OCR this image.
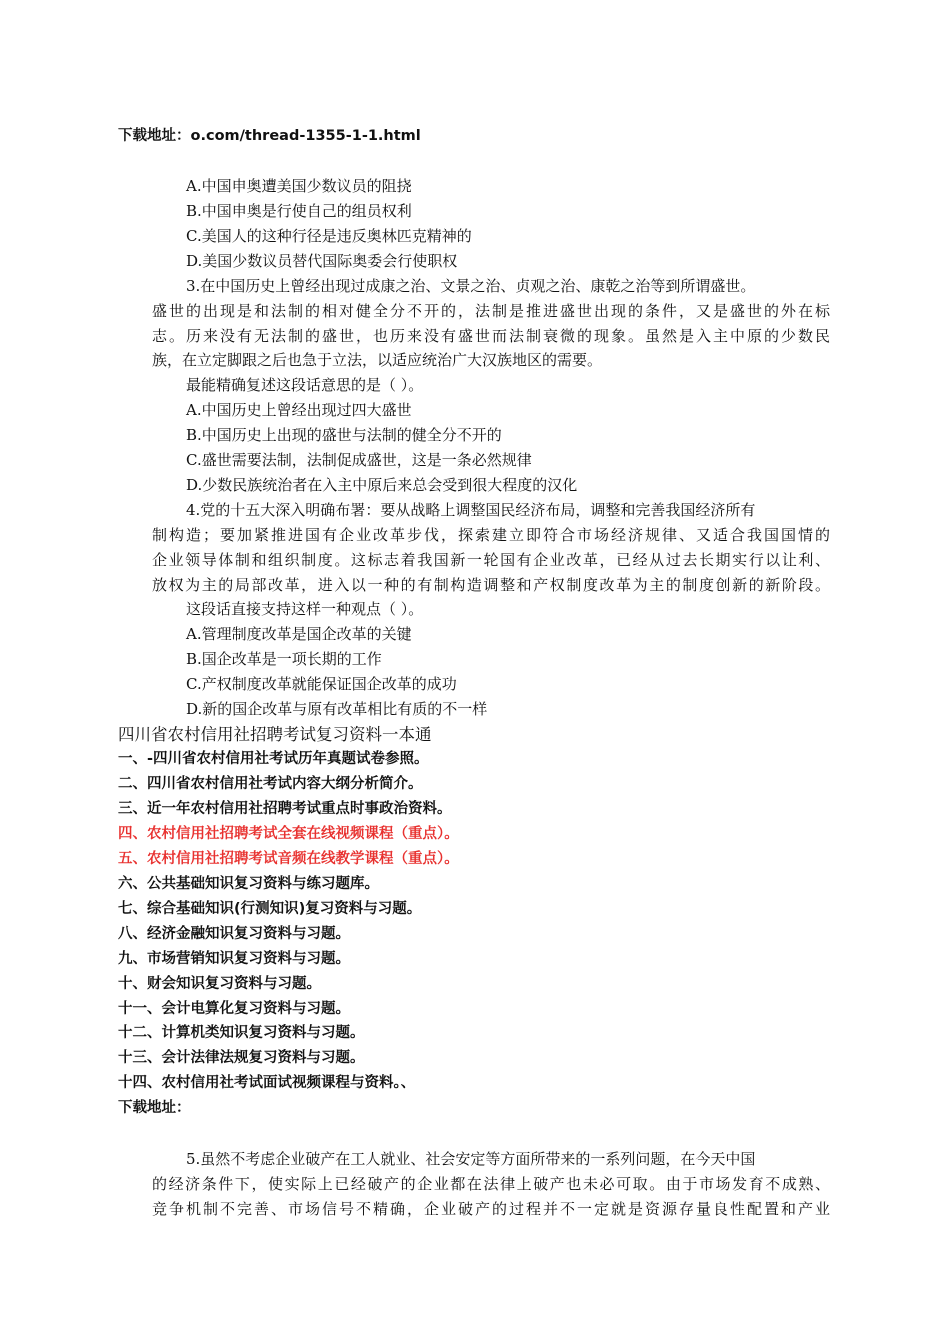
下载地址：o.com/thread-1355-1-1.html
A.中国申奥遭美国少数议员的阻挠
B.中国申奥是行使自己的组员权利
C.美国人的这种行径是违反奥林匹克精神的
D.美国少数议员替代国际奥委会行使职权
3.在中国历史上曾经出现过成康之治、文景之治、贞观之治、康乾之治等到所谓盛世。
盛世的出现是和法制的相对健全分不开的，法制是推进盛世出现的条件，又是盛世的外在标
志。历来没有无法制的盛世，也历来没有盛世而法制衰微的现象。虽然是入主中原的少数民
族，在立定脚跟之后也急于立法，以适应统治广大汉族地区的需要。
最能精确复述这段话意思的是（ ）。
A.中国历史上曾经出现过四大盛世
B.中国历史上出现的盛世与法制的健全分不开的
C.盛世需要法制，法制促成盛世，这是一条必然规律
D.少数民族统治者在入主中原后来总会受到很大程度的汉化
4.党的十五大深入明确布署：要从战略上调整国民经济布局，调整和完善我国经济所有
制构造；要加紧推进国有企业改革步伐，探索建立即符合市场经济规律、又适合我国国情的
企业领导体制和组织制度。这标志着我国新一轮国有企业改革，已经从过去长期实行以让利、
放权为主的局部改革，进入以一种的有制构造调整和产权制度改革为主的制度创新的新阶段。
这段话直接支持这样一种观点（ ）。
A.管理制度改革是国企改革的关键
B.国企改革是一项长期的工作
C.产权制度改革就能保证国企改革的成功
D.新的国企改革与原有改革相比有质的不一样
四川省农村信用社招聘考试复习资料一本通
一、-四川省农村信用社考试历年真题试卷参照。
二、四川省农村信用社考试内容大纲分析简介。
三、近一年农村信用社招聘考试重点时事政治资料。
四、农村信用社招聘考试全套在线视频课程（重点）。
五、农村信用社招聘考试音频在线教学课程（重点）。
六、公共基础知识复习资料与练习题库。
七、综合基础知识(行测知识)复习资料与习题。
八、经济金融知识复习资料与习题。
九、市场营销知识复习资料与习题。
十、财会知识复习资料与习题。
十一、会计电算化复习资料与习题。
十二、计算机类知识复习资料与习题。
十三、会计法律法规复习资料与习题。
十四、农村信用社考试面试视频课程与资料。、
下载地址：
5.虽然不考虑企业破产在工人就业、社会安定等方面所带来的一系列问题，在今天中国
的经济条件下，使实际上已经破产的企业都在法律上破产也未必可取。由于市场发育不成熟、
竞争机制不完善、市场信号不精确，企业破产的过程并不一定就是资源存量良性配置和产业
